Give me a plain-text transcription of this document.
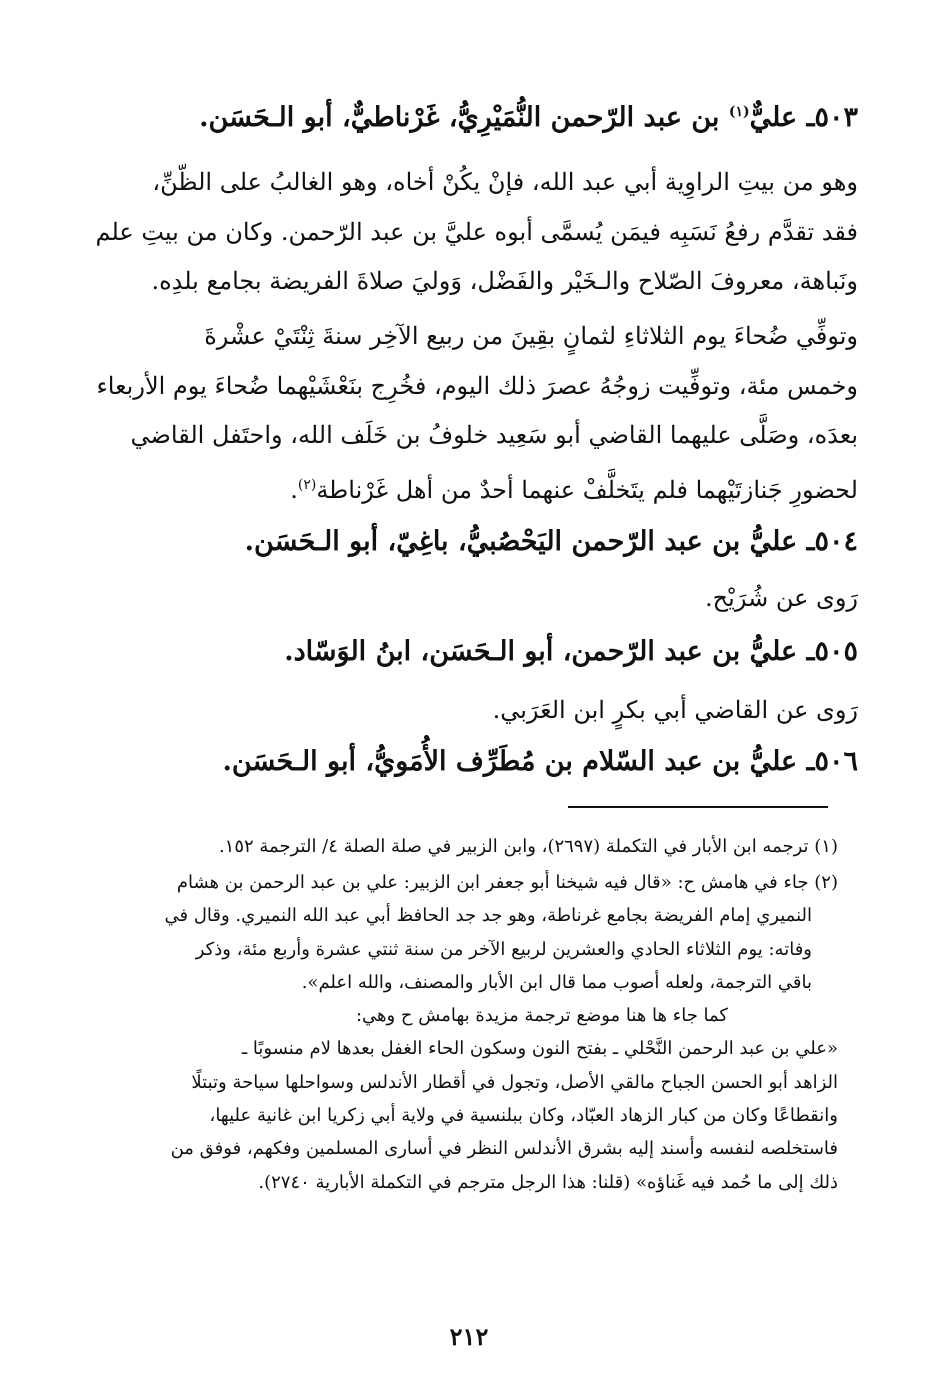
٥٠٣ـ عليٌّ$^{(١)}$ بن عبد الرّحمن النُّمَيْرِيُّ، غَرْناطيٌّ، أبو الـحَسَن.
وهو من بيتِ الراوِية أبي عبد الله، فإنْ يكُنْ أخاه، وهو الغالبُ على الظّنِّ،
فقد تقدَّم رفعُ نَسَبِه فيمَن يُسمَّى أبوه عليَّ بن عبد الرّحمن. وكان من بيتِ علم
ونَباهة، معروفَ الصّلاح والـخَيْر والفَضْل، وَوليَ صلاةَ الفريضة بجامع بلدِه.
وتوفِّي ضُحاءَ يوم الثلاثاءِ لثمانٍ بقِينَ من ربيع الآخِر سنةَ ثِنْتَيْ عشْرةَ
وخمس مئة، وتوفِّيت زوجُهُ عصرَ ذلك اليوم، فخُرِج بنَعْشَيْهما ضُحاءَ يوم الأربعاء
بعدَه، وصَلَّى عليهما القاضي أبو سَعِيد خلوفُ بن خَلَف الله، واحتَفل القاضي
لحضورِ جَنازتَيْهما فلم يتَخلَّفْ عنهما أحدٌ من أهل غَرْناطة$^{(٢)}$.
٥٠٤ـ عليُّ بن عبد الرّحمن اليَحْصُبيُّ، باغِيّ، أبو الـحَسَن.
رَوى عن شُرَيْح.
٥٠٥ـ عليُّ بن عبد الرّحمن، أبو الـحَسَن، ابنُ الوَسّاد.
رَوى عن القاضي أبي بكرٍ ابن العَرَبي.
٥٠٦ـ عليُّ بن عبد السّلام بن مُطَرِّف الأُمَويُّ، أبو الـحَسَن.
(١) ترجمه ابن الأبار في التكملة (٢٦٩٧)، وابن الزبير في صلة الصلة ٤/ الترجمة ١٥٢.
(٢) جاء في هامش ح: «قال فيه شيخنا أبو جعفر ابن الزبير: علي بن عبد الرحمن بن هشام
النميري إمام الفريضة بجامع غرناطة، وهو جد جد الحافظ أبي عبد الله النميري. وقال في
وفاته: يوم الثلاثاء الحادي والعشرين لربيع الآخر من سنة ثنتي عشرة وأربع مئة، وذكر
باقي الترجمة، ولعله أصوب مما قال ابن الأبار والمصنف، والله اعلم».
كما جاء ها هنا موضع ترجمة مزيدة بهامش ح وهي:
«علي بن عبد الرحمن النَّحْلي ـ بفتح النون وسكون الحاء الغفل بعدها لام منسوبًا ـ
الزاهد أبو الحسن الجباح مالقي الأصل، وتجول في أقطار الأندلس وسواحلها سياحة وتبتلًا
وانقطاعًا وكان من كبار الزهاد العبّاد، وكان ببلنسية في ولاية أبي زكريا ابن غانية عليها،
فاستخلصه لنفسه وأسند إليه بشرق الأندلس النظر في أسارى المسلمين وفكهم، فوفق من
ذلك إلى ما حُمد فيه غَناؤه» (قلنا: هذا الرجل مترجم في التكملة الأبارية ٢٧٤٠).
٢١٢
